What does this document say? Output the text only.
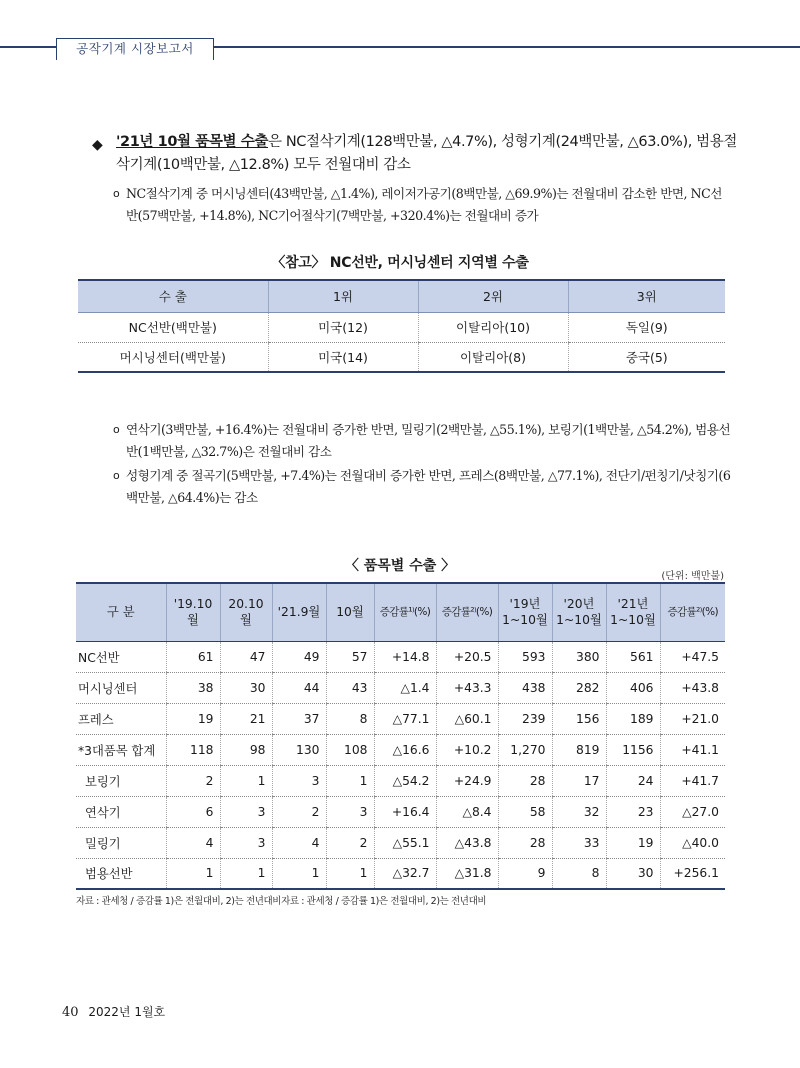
공작기계 시장보고서
◆ '21년 10월 품목별 수출은 NC절삭기계(128백만불, △4.7%), 성형기계(24백만불, △63.0%), 범용절삭기계(10백만불, △12.8%) 모두 전월대비 감소
o NC절삭기계 중 머시닝센터(43백만불, △1.4%), 레이저가공기(8백만불, △69.9%)는 전월대비 감소한 반면, NC선반(57백만불, +14.8%), NC기어절삭기(7백만불, +320.4%)는 전월대비 증가
〈참고〉 NC선반, 머시닝센터 지역별 수출
수 출	1위	2위	3위
NC선반(백만불)	미국(12)	이탈리아(10)	독일(9)
머시닝센터(백만불)	미국(14)	이탈리아(8)	중국(5)
o 연삭기(3백만불, +16.4%)는 전월대비 증가한 반면, 밀링기(2백만불, △55.1%), 보링기(1백만불, △54.2%), 범용선반(1백만불, △32.7%)은 전월대비 감소
o 성형기계 중 절곡기(5백만불, +7.4%)는 전월대비 증가한 반면, 프레스(8백만불, △77.1%), 전단기/펀칭기/낫칭기(6백만불, △64.4%)는 감소
〈 품목별 수출 〉
(단위: 백만불)
구 분	'19.10월	20.10월	'21.9월	10월	증감률¹⁾(%)	증감률²⁾(%)	'19년 1~10월	'20년 1~10월	'21년 1~10월	증감률²⁾(%)
NC선반	61	47	49	57	+14.8	+20.5	593	380	561	+47.5
머시닝센터	38	30	44	43	△1.4	+43.3	438	282	406	+43.8
프레스	19	21	37	8	△77.1	△60.1	239	156	189	+21.0
*3대품목 합계	118	98	130	108	△16.6	+10.2	1,270	819	1156	+41.1
보링기	2	1	3	1	△54.2	+24.9	28	17	24	+41.7
연삭기	6	3	2	3	+16.4	△8.4	58	32	23	△27.0
밀링기	4	3	4	2	△55.1	△43.8	28	33	19	△40.0
범용선반	1	1	1	1	△32.7	△31.8	9	8	30	+256.1
자료 : 관세청 / 증감률 1)은 전월대비, 2)는 전년대비자료 : 관세청 / 증감률 1)은 전월대비, 2)는 전년대비
40 2022년 1월호
